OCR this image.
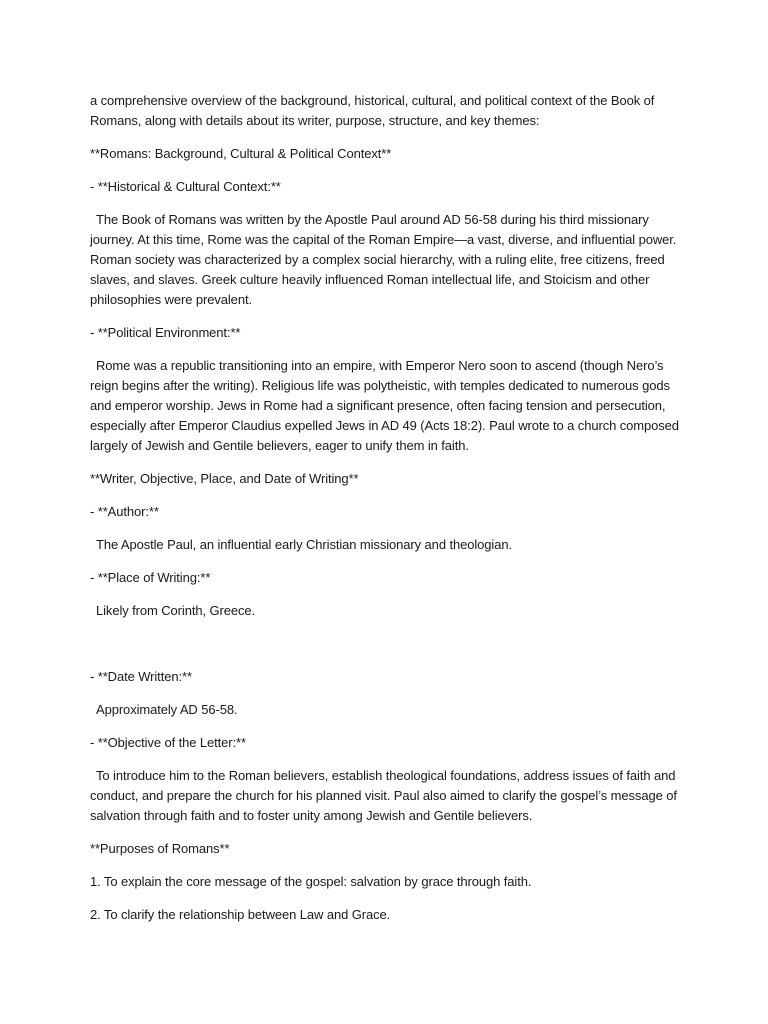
a comprehensive overview of the background, historical, cultural, and political context of the Book of Romans, along with details about its writer, purpose, structure, and key themes:

**Romans: Background, Cultural & Political Context**

- **Historical & Cultural Context:**

The Book of Romans was written by the Apostle Paul around AD 56-58 during his third missionary journey. At this time, Rome was the capital of the Roman Empire—a vast, diverse, and influential power. Roman society was characterized by a complex social hierarchy, with a ruling elite, free citizens, freed slaves, and slaves. Greek culture heavily influenced Roman intellectual life, and Stoicism and other philosophies were prevalent.

- **Political Environment:**

Rome was a republic transitioning into an empire, with Emperor Nero soon to ascend (though Nero’s reign begins after the writing). Religious life was polytheistic, with temples dedicated to numerous gods and emperor worship. Jews in Rome had a significant presence, often facing tension and persecution, especially after Emperor Claudius expelled Jews in AD 49 (Acts 18:2). Paul wrote to a church composed largely of Jewish and Gentile believers, eager to unify them in faith.

**Writer, Objective, Place, and Date of Writing**

- **Author:**

The Apostle Paul, an influential early Christian missionary and theologian.

- **Place of Writing:**

Likely from Corinth, Greece.

- **Date Written:**

Approximately AD 56-58.

- **Objective of the Letter:**

To introduce him to the Roman believers, establish theological foundations, address issues of faith and conduct, and prepare the church for his planned visit. Paul also aimed to clarify the gospel’s message of salvation through faith and to foster unity among Jewish and Gentile believers.

**Purposes of Romans**

1. To explain the core message of the gospel: salvation by grace through faith.

2. To clarify the relationship between Law and Grace.
